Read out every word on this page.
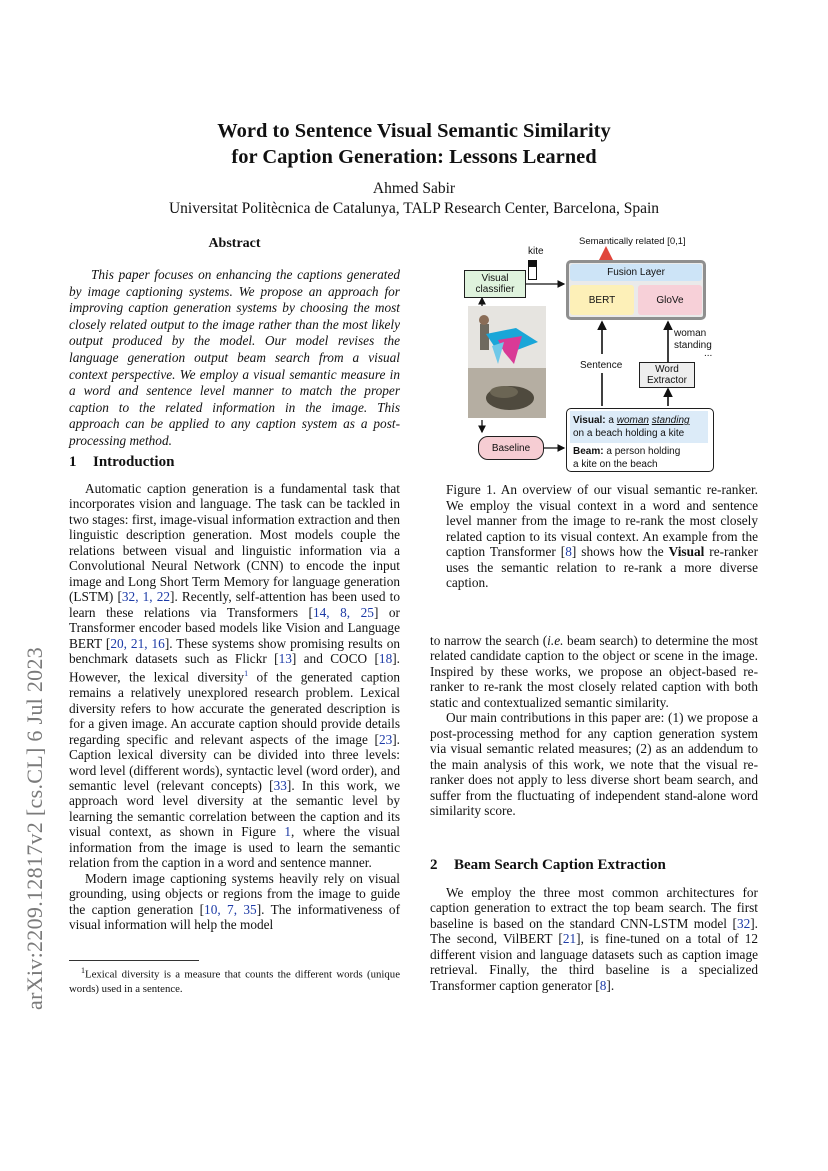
Word to Sentence Visual Semantic Similarity
for Caption Generation: Lessons Learned
Ahmed Sabir
Universitat Politècnica de Catalunya, TALP Research Center, Barcelona, Spain
arXiv:2209.12817v2 [cs.CL] 6 Jul 2023
Abstract
This paper focuses on enhancing the captions generated by image captioning systems. We propose an approach for improving caption generation systems by choosing the most closely related output to the image rather than the most likely output produced by the model. Our model revises the language generation output beam search from a visual context perspective. We employ a visual semantic measure in a word and sentence level manner to match the proper caption to the related information in the image. This approach can be applied to any caption system as a post-processing method.
1 Introduction

Automatic caption generation is a fundamental task that incorporates vision and language. The task can be tackled in two stages: first, image-visual information extraction and then linguistic description generation. Most models couple the relations between visual and linguistic information via a Convolutional Neural Network (CNN) to encode the input image and Long Short Term Memory for language generation (LSTM) [32, 1, 22]. Recently, self-attention has been used to learn these relations via Transformers [14, 8, 25] or Transformer encoder based models like Vision and Language BERT [20, 21, 16]. These systems show promising results on benchmark datasets such as Flickr [13] and COCO [18]. However, the lexical diversity$^1$ of the generated caption remains a relatively unexplored research problem. Lexical diversity refers to how accurate the generated description is for a given image. An accurate caption should provide details regarding specific and relevant aspects of the image [23]. Caption lexical diversity can be divided into three levels: word level (different words), syntactic level (word order), and semantic level (relevant concepts) [33]. In this work, we approach word level diversity at the semantic level by learning the semantic correlation between the caption and its visual context, as shown in Figure 1, where the visual information from the image is used to learn the semantic relation from the caption in a word and sentence manner.

Modern image captioning systems heavily rely on visual grounding, using objects or regions from the image to guide the caption generation [10, 7, 35]. The informativeness of visual information will help the model

$^1$Lexical diversity is a measure that counts the different words (unique words) used in a sentence.
Semantically related [0,1]
kite
Visual classifier
Fusion Layer
BERT	GloVe
woman
standing
...
Sentence	Word Extractor
Visual: a woman standing
on a beach holding a kite
Beam: a person holding
a kite on the beach
Baseline
Figure 1. An overview of our visual semantic re-ranker. We employ the visual context in a word and sentence level manner from the image to re-rank the most closely related caption to its visual context. An example from the caption Transformer [8] shows how the Visual re-ranker uses the semantic relation to re-rank a more diverse caption.

to narrow the search (i.e. beam search) to determine the most related candidate caption to the object or scene in the image. Inspired by these works, we propose an object-based re-ranker to re-rank the most closely related caption with both static and contextualized semantic similarity.

Our main contributions in this paper are: (1) we propose a post-processing method for any caption generation system via visual semantic related measures; (2) as an addendum to the main analysis of this work, we note that the visual re-ranker does not apply to less diverse short beam search, and suffer from the fluctuating of independent stand-alone word similarity score.

2 Beam Search Caption Extraction

We employ the three most common architectures for caption generation to extract the top beam search. The first baseline is based on the standard CNN-LSTM model [32]. The second, VilBERT [21], is fine-tuned on a total of 12 different vision and language datasets such as caption image retrieval. Finally, the third baseline is a specialized Transformer caption generator [8].
